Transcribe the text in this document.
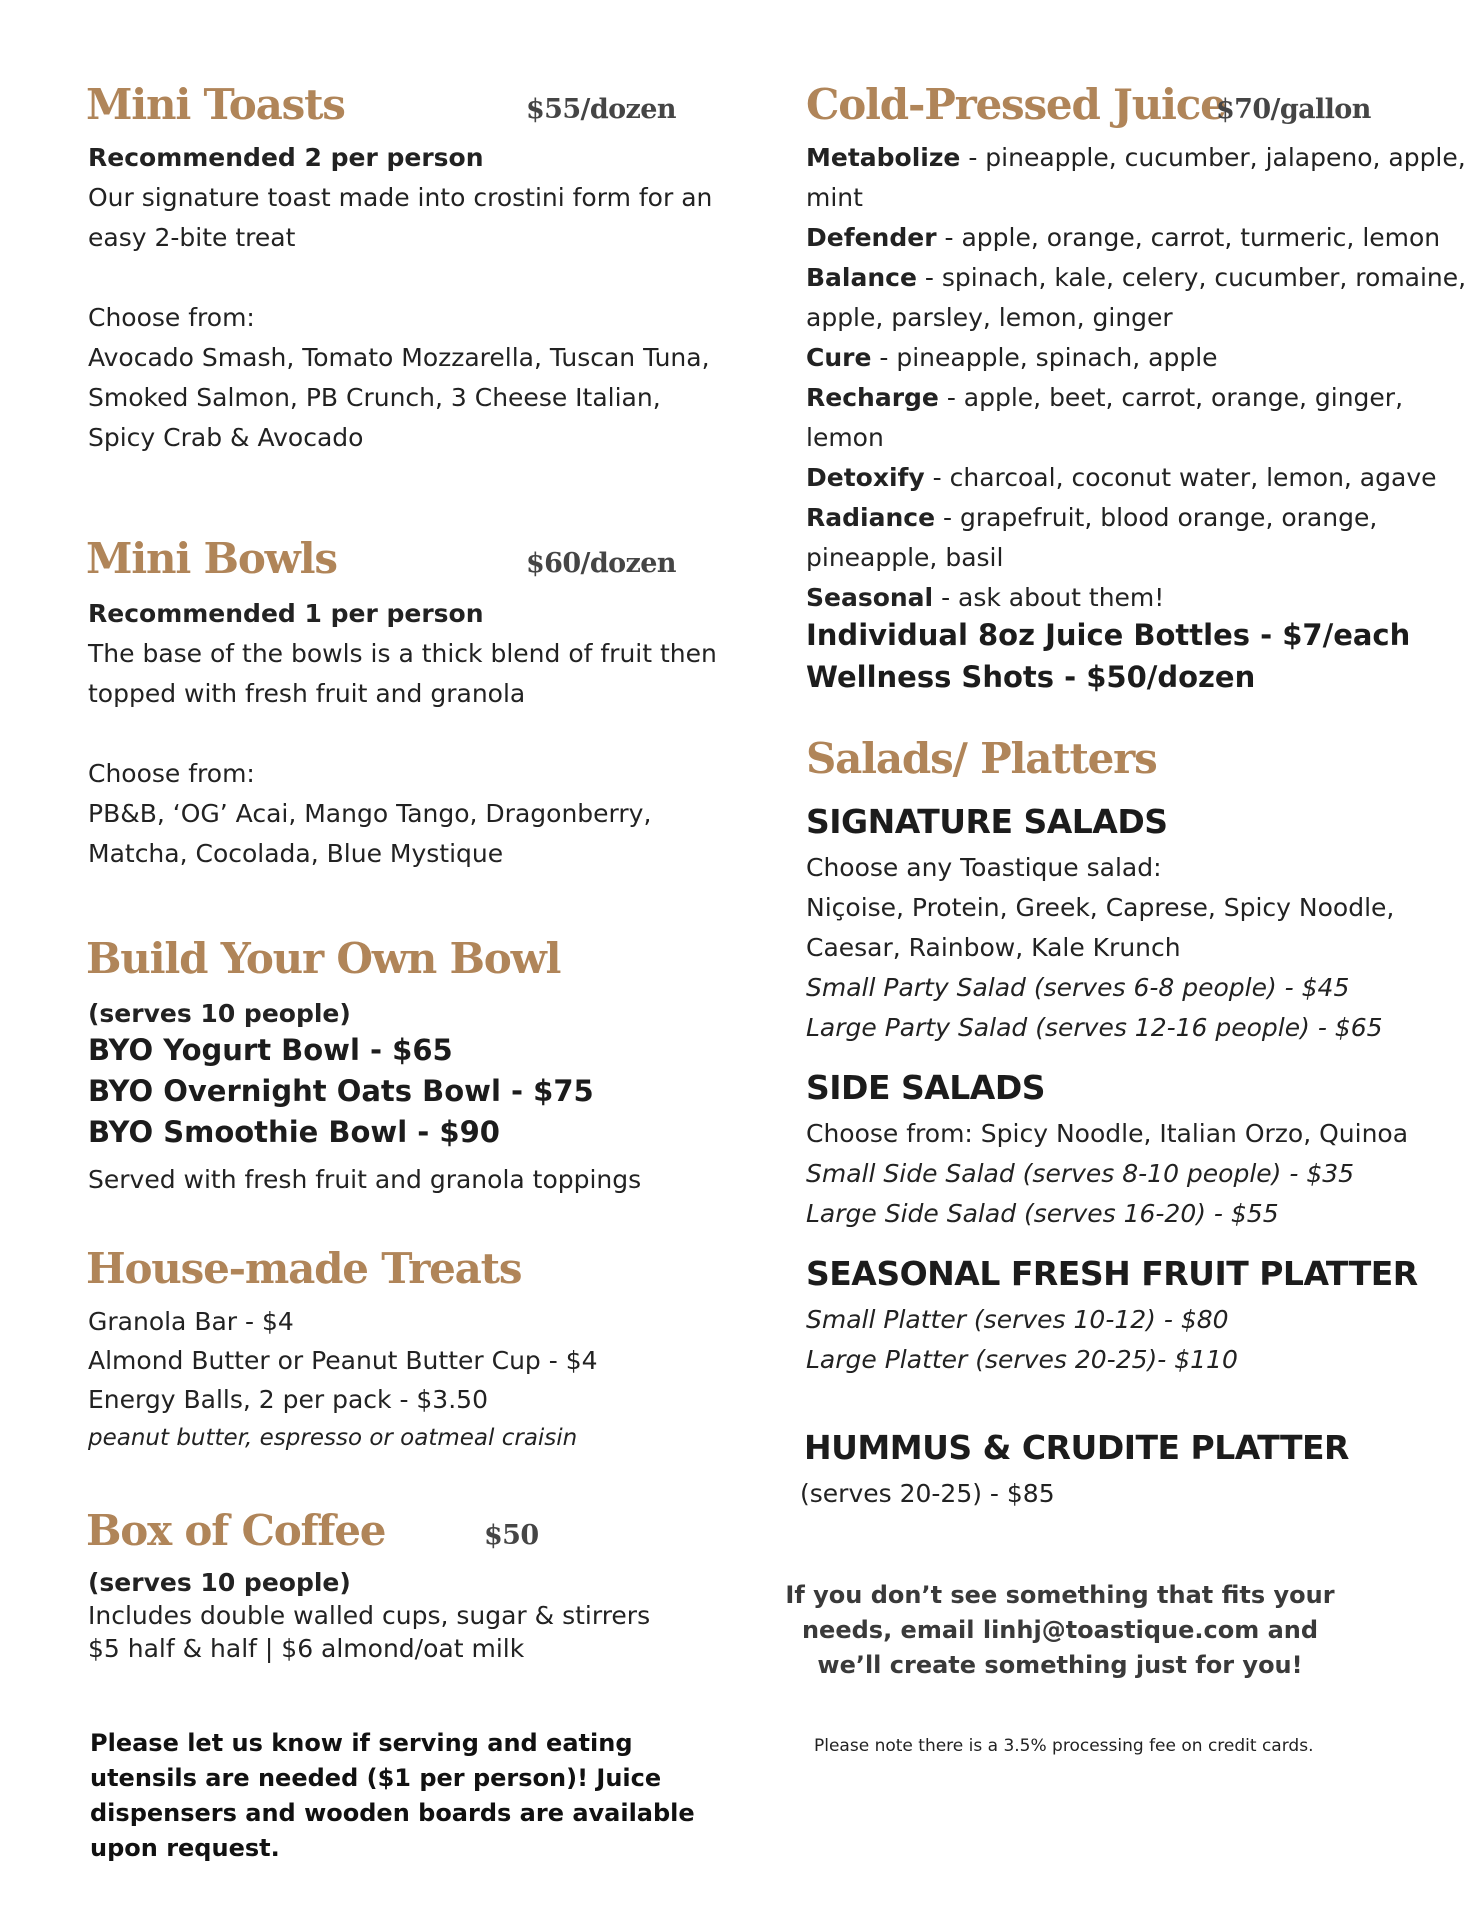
Mini Toasts	$55/dozen
Recommended 2 per person
Our signature toast made into crostini form for an
easy 2-bite treat
Choose from:
Avocado Smash, Tomato Mozzarella, Tuscan Tuna,
Smoked Salmon, PB Crunch, 3 Cheese Italian,
Spicy Crab & Avocado
Mini Bowls	$60/dozen
Recommended 1 per person
The base of the bowls is a thick blend of fruit then
topped with fresh fruit and granola
Choose from:
PB&B, ‘OG’ Acai, Mango Tango, Dragonberry,
Matcha, Cocolada, Blue Mystique
Build Your Own Bowl
(serves 10 people)
BYO Yogurt Bowl - $65
BYO Overnight Oats Bowl - $75
BYO Smoothie Bowl - $90
Served with fresh fruit and granola toppings
House-made Treats
Granola Bar - $4
Almond Butter or Peanut Butter Cup - $4
Energy Balls, 2 per pack - $3.50
peanut butter, espresso or oatmeal craisin
Box of Coffee	$50
(serves 10 people)
Includes double walled cups, sugar & stirrers
$5 half & half | $6 almond/oat milk
Please let us know if serving and eating
utensils are needed ($1 per person)! Juice
dispensers and wooden boards are available
upon request.
Cold-Pressed Juice
$70/gallon
Metabolize - pineapple, cucumber, jalapeno, apple,
mint
Defender - apple, orange, carrot, turmeric, lemon
Balance - spinach, kale, celery, cucumber, romaine,
apple, parsley, lemon, ginger
Cure - pineapple, spinach, apple
Recharge - apple, beet, carrot, orange, ginger,
lemon
Detoxify - charcoal, coconut water, lemon, agave
Radiance - grapefruit, blood orange, orange,
pineapple, basil
Seasonal - ask about them!
Individual 8oz Juice Bottles - $7/each
Wellness Shots - $50/dozen
Salads/ Platters
SIGNATURE SALADS
Choose any Toastique salad:
Niçoise, Protein, Greek, Caprese, Spicy Noodle,
Caesar, Rainbow, Kale Krunch
Small Party Salad (serves 6-8 people) - $45
Large Party Salad (serves 12-16 people) - $65
SIDE SALADS
Choose from: Spicy Noodle, Italian Orzo, Quinoa
Small Side Salad (serves 8-10 people) - $35
Large Side Salad (serves 16-20) - $55
SEASONAL FRESH FRUIT PLATTER
Small Platter (serves 10-12) - $80
Large Platter (serves 20-25)- $110
HUMMUS & CRUDITE PLATTER
(serves 20-25) - $85
If you don’t see something that fits your
needs, email linhj@toastique.com and
we’ll create something just for you!
Please note there is a 3.5% processing fee on credit cards.
